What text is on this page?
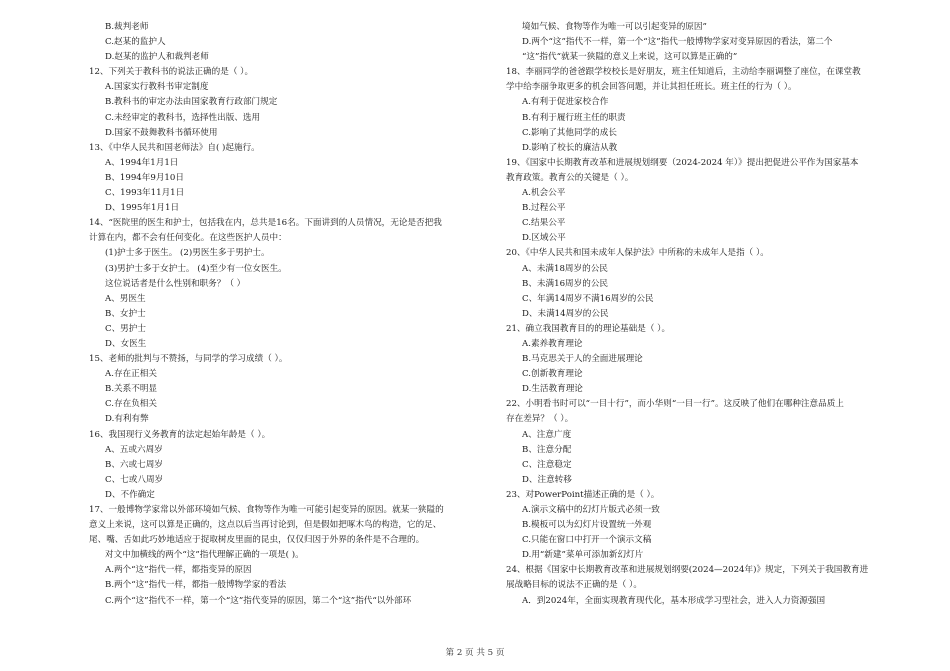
B.裁判老师
C.赵某的监护人
D.赵某的监护人和裁判老师
12、下列关于教科书的说法正确的是（ ）。
A.国家实行教科书审定制度
B.教科书的审定办法由国家教育行政部门规定
C.未经审定的教科书，选择性出版、选用
D.国家不鼓舞教科书循环使用
13、《中华人民共和国老师法》自( )起施行。
A、1994年1月1日
B、1994年9月10日
C、1993年11月1日
D、1995年1月1日
14、“医院里的医生和护士，包括我在内，总共是16名。下面讲到的人员情况，无论是否把我
计算在内，都不会有任何变化。在这些医护人员中：
(1)护士多于医生。 (2)男医生多于男护士。
(3)男护士多于女护士。 (4)至少有一位女医生。
这位说话者是什么性别和职务？（ ）
A、男医生
B、女护士
C、男护士
D、女医生
15、老师的批判与不赞扬，与同学的学习成绩（ ）。
A.存在正相关
B.关系不明显
C.存在负相关
D.有利有弊
16、我国现行义务教育的法定起始年龄是（ ）。
A、五或六周岁
B、六或七周岁
C、七或八周岁
D、不作确定
17、一般博物学家常以外部环境如气候、食物等作为唯一可能引起变异的原因。就某一狭隘的
意义上来说，这可以算是正确的，这点以后当再讨论到，但是假如把啄木鸟的构造，它的足、
尾、嘴、舌如此巧妙地适应于捉取树皮里面的昆虫，仅仅归因于外界的条件是不合理的。
对文中加横线的两个“这”指代理解正确的一项是( )。
A.两个“这”指代一样，都指变异的原因
B.两个“这”指代一样，都指一般博物学家的看法
C.两个“这”指代不一样，第一个“这”指代变异的原因，第二个“这”指代“以外部环
境如气候、食物等作为唯一可以引起变异的原因”
D.两个“这”指代不一样，第一个“这”指代一般博物学家对变异原因的看法，第二个
“这”指代“就某一狭隘的意义上来说，这可以算是正确的”
18、李丽同学的爸爸跟学校校长是好朋友，班主任知道后，主动给李丽调整了座位，在课堂教
学中给李丽争取更多的机会回答问题，并让其担任班长。班主任的行为（ ）。
A.有利于促进家校合作
B.有利于履行班主任的职责
C.影响了其他同学的成长
D.影响了校长的廉洁从教
19、《国家中长期教育改革和进展规划纲要（2024-2024 年）》提出把促进公平作为国家基本
教育政策。教育公的关键是（ ）。
A.机会公平
B.过程公平
C.结果公平
D.区域公平
20、《中华人民共和国未成年人保护法》中所称的未成年人是指（ ）。
A、未满18周岁的公民
B、未满16周岁的公民
C、年满14周岁不满16周岁的公民
D、未满14周岁的公民
21、确立我国教育目的的理论基础是（ ）。
A.素养教育理论
B.马克思关于人的全面进展理论
C.创新教育理论
D.生活教育理论
22、小明看书时可以“一目十行”，而小华则“一目一行”。这反映了他们在哪种注意品质上
存在差异？（ ）。
A、注意广度
B、注意分配
C、注意稳定
D、注意转移
23、对PowerPoint描述正确的是（ ）。
A.演示文稿中的幻灯片版式必须一致
B.模板可以为幻灯片设置统一外观
C.只能在窗口中打开一个演示文稿
D.用“新建”菜单可添加新幻灯片
24、根据《国家中长期教育改革和进展规划纲要(2024—2024年)》规定，下列关于我国教育进
展战略目标的说法不正确的是（ ）。
A．到2024年，全面实现教育现代化，基本形成学习型社会，进入人力资源强国
第 2 页 共 5 页
